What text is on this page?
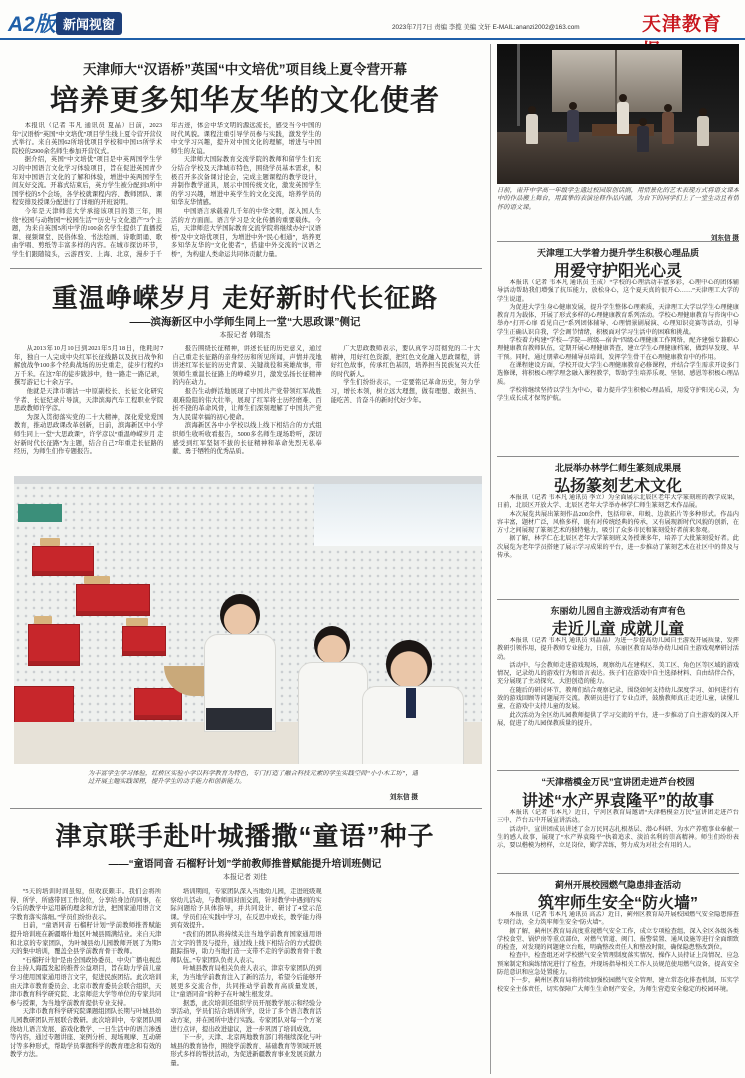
A2版 新闻视窗	2023年7月7日 责编 李揽 美编 文轩 E-MAIL:ananzi2002@163.com	天津教育
天津师大“汉语桥”英国“中文培优”项目线上夏令营开幕
培养更多知华友华的文化使者

本报讯（记者 韦凡 通讯员 夏晶）日前，2023年“汉语桥”英国“中文培优”项目学生线上夏令营开营仪式举行。来自英国62所培优项目学校和中国15所学术院校的2900余名师生参加开营仪式。

据介绍，英国“中文培优”项目是中英两国学生学习的中国语言文化学习体验项目，旨在促进英国青少年对中国语言文化的了解和体验，增进中英两国学生间友好交流。开幕式结束后，英方学生被分配到3所中国学校的5个会场，各学校就课程内容、教师团队、课程安排及授课分配进行了详细的开班说明。

今年是天津师范大学承接该项目的第三年，围绕“校园与动物园”“校园生活”“历史与文化遗产”3个主题，为来自英国5所中学的100余名学生提供了直播授课、视频课堂、民俗体验、书法绘画、诗歌朗诵、歌曲学唱、剪纸等丰富多样的内容。在城市探访环节，学生们跟随镜头，云游西安、上海、北京，漫步于千年古迹，体会中华文明的源远流长，感受当今中国的时代风貌。课程注重引导学员参与实践，激发学生的中文学习兴趣，提升对中国文化的理解，增进与中国师生的友谊。

天津师大国际教育交流学院的教师和留学生们充分结合学校及天津城市特色，围绕学员基本需求，积极召开多次备课讨论会，完成主题课程的教学设计，并制作教学道具，展示中国传统文化，激发英国学生的学习兴趣，增进中英学生的文化交流，培养学员的知华友华情感。

中国语言承载着几千年的中华文明，深入国人生活的方方面面。语言学习是文化传播的重要载体。今后，天津师范大学国际教育交流学院将继续办好“汉语桥”及中文培优项目，为增进中外“民心相通”，培养更多知华友华的“文化使者”，搭建中外交流的“汉语之桥”，为构建人类命运共同体贡献力量。

日前，南开中学高一年级学生通过校园原创话剧，用情景化的艺术表现方式将语文课本中的作品搬上舞台，用真挚的表演诠释作品内涵，为台下的同学们上了一堂生动且有情怀的语文课。
刘东信 摄
重温峥嵘岁月 走好新时代长征路
——滨海新区中小学师生同上一堂“大思政课”侧记
本报记者 韩瑞杰

从2013年10月10日到2021年5月18日，他耗时7年，独自一人完成中央红军长征线路以及抗日战争和解放战争100多个经典战场的历史重走，徒步行程约3万千米。在这7年的徒步跋涉中，他一路走一路记录，撰写游记七十余万字。

他就是天津市塘沽一中原副校长、长征文化研究学者、长征纪录片导演，天津滨海汽车工程职业学院思政教师许学彦。

为深入贯彻落实党的二十大精神，深化爱党爱国教育，推动思政课改革创新，日前，滨海新区中小学师生同上一堂“大思政课”，许学彦以“重温峥嵘岁月 走好新时代长征路”为主题，结合自己7年重走长征路的经历，为师生们作专题报告。

报告围绕长征精神，讲述长征的历史意义，通过自己重走长征路的亲身经历和所见所闻，声情并茂地讲述红军长征的历史背景、关键战役和英雄故事，带领师生重温长征路上的峥嵘岁月，激发弘扬长征精神的内在动力。

报告生动鲜活地展现了中国共产党带领红军战胜艰难险阻的伟大壮举，展现了红军将士历经磨难、百折不挠的革命风骨，让师生们深刻理解了中国共产党为人民谋幸福的初心使命。

滨海新区各中小学校以线上线下相结合的方式组织师生收听收看报告，5000多名师生现场聆听，深切感受到红军坚韧不拔的长征精神和革命先烈无私奉献、勇于牺牲的优秀品质。

广大思政教师表示，要认真学习贯彻党的二十大精神，用好红色资源，把红色文化融入思政课程，讲好红色故事，传承红色基因，培养担当民族复兴大任的时代新人。

学生们纷纷表示，一定要铭记革命历史，努力学习，增长本领，树立远大理想，做有理想、敢担当、能吃苦、肯奋斗的新时代好少年。

为丰富学生学习体验，红桥区实验小学以科学教育为特色，专门打造了融合科技元素的学生实践空间“小小木工坊”，通过开展主题实践课程，提升学生的动手能力和创新能力。
刘东信 摄
津京联手赴叶城播撒“童语”种子
——“童语同音 石榴籽计划”学前教师推普赋能提升培训班侧记
本报记者 刘佳

“5天的培训时间虽短，但收获颇丰。我们会将所得、所学、所感带回工作岗位，分享给身边的同事，在今后的教学中运用新的理念和方法，把国家通用语言文字教育落实落细。”学员们纷纷表示。

日前，“童语同音 石榴籽计划”学前教师推普赋能提升培训班在新疆喀什地区叶城县圆满结业。来自天津和北京的专家团队，为叶城县幼儿园教师开展了为期5天的集中培训，覆盖全县学前教育骨干教师。

“石榴籽计划”是由全国政协委员、中央广播电视总台主持人海霞发起的推普公益项目，旨在助力学前儿童学习使用国家通用语言文字，促进民族团结。此次培训由天津市教育委员会、北京市教育委员会联合组织，天津市教育科学研究院、北京师范大学等单位的专家共同参与授课，为当地学前教育提供专业支持。

天津市教育科学研究院课题组团队长期与叶城县幼儿园教研团队开展联合教研。此次培训中，专家团队围绕幼儿语言发展、游戏化教学、一日生活中的语言渗透等内容，通过专题讲座、案例分析、现场观摩、互动研讨等多种形式，帮助学员掌握科学的教育理念和有效的教学方法。

培训期间，专家团队深入当地幼儿园，走进班级观察幼儿活动，与教师面对面交流，针对教学中遇到的实际问题给予具体指导，并共同设计、研讨了4堂示范课。学员们在实践中学习，在反思中成长，教学能力得到有效提升。

“我们的团队将持续关注当地学前教育国家通用语言文字的普及与提升，通过线上线下相结合的方式提供跟踪指导，助力当地打造一支带不走的学前教育骨干教师队伍。”专家团队负责人表示。

叶城县教育局相关负责人表示，津京专家团队的到来，为当地学前教育注入了新的活力，希望今后能够开展更多交流合作，共同推动学前教育高质量发展，让“童语同音”的种子在叶城生根发芽。

据悉，此次培训还组织学员开展教学展示和经验分享活动，学员们结合培训所学，设计了多个语言教育活动方案，并在园所中进行实践。专家团队对每一个方案进行点评，提出改进建议，进一步巩固了培训成效。

下一步，天津、北京两地教育部门将继续深化与叶城县的教育协作，围绕学前教育、基础教育等领域开展形式多样的帮扶活动，为促进新疆教育事业发展贡献力量。

天津理工大学着力提升学生积极心理品质
用爱守护阳光心灵

本报讯（记者 韦本凡 通讯员 王成）“学校的心理活动丰富多彩，心理中心的团体辅导活动帮助我们增强了抗压能力，放松身心，这个夏天真的很开心……”天津理工大学的学生说道。

为促进大学生身心健康发展，提升学生整体心理素质，天津理工大学以学生心理健康教育月为载体，开展了形式多样的心理健康教育系列活动。学校心理健康教育与咨询中心举办“打开心扉 看见自己”系列团体辅导、心理情景剧展演、心理知识竞赛等活动，引导学生正确认识自我，学会调节情绪，积极面对学习生活中的困难和挑战。

学校着力构建“学校—学院—班级—宿舍”四级心理健康工作网络，配齐建强专兼职心理健康教育教师队伍，定期开展心理健康普查，建立学生心理健康档案，做到早发现、早干预。同时，通过朋辈心理辅导员培训，发挥学生骨干在心理健康教育中的作用。

在课程建设方面，学校开设大学生心理健康教育必修课程，并结合学生需求开设多门选修课，将积极心理学理念融入课程教学，帮助学生培养乐观、坚韧、感恩等积极心理品质。

学校将继续坚持以学生为中心，着力提升学生积极心理品质，用爱守护阳光心灵，为学生成长成才保驾护航。

北辰举办林学仁师生篆刻成果展
弘扬篆刻艺术文化

本报讯（记者 韦本凡 通讯员 李立）为全面展示北辰区老年大学篆刻班的教学成果，日前，北辰区开放大学、北辰区老年大学举办林学仁师生篆刻艺术作品展。

本次展览共展出篆刻作品200余件，包括印章、印蜕、边款拓片等多种形式。作品内容丰富，题材广泛，风格多样，既有对传统经典的传承，又有展现新时代风貌的创新，在方寸之间展现了篆刻艺术的独特魅力，吸引了众多市民和篆刻爱好者前来参观。

据了解，林学仁在北辰区老年大学篆刻班义务授课多年，培养了大批篆刻爱好者。此次展览为老年学员搭建了展示学习成果的平台，进一步推动了篆刻艺术在社区中的普及与传承。

东丽幼儿园自主游戏活动有声有色
走近儿童 成就儿童

本报讯（记者 韦本凡 通讯员 刘晶晶）为进一步提高幼儿园自主游戏开展质量，发挥教研引领作用，提升教师专业能力，日前，东丽区教育局举办幼儿园自主游戏观摩研讨活动。

活动中，与会教师走进游戏现场，观察幼儿在建构区、美工区、角色区等区域的游戏情况，记录幼儿的游戏行为和语言表达。孩子们在游戏中自主选择材料、自由结伴合作，充分展现了主动探究、大胆创造的能力。

在随后的研讨环节，教师们结合观察记录，围绕如何支持幼儿深度学习、如何进行有效的游戏回顾等问题展开交流。教研员进行了专业点评，鼓励教师真正走近儿童，读懂儿童，在游戏中支持儿童的发展。

此次活动为全区幼儿园教师提供了学习交流的平台，进一步推动了自主游戏的深入开展，促进了幼儿园保教质量的提升。

“天津楷模金万民”宣讲团走进芦台校园
讲述“水产界袁隆平”的故事

本报讯（记者 韦本凡）近日，宁河区教育局邀请“天津楷模金万民”宣讲团走进芦台三中、芦台五中开展宣讲活动。

活动中，宣讲团成员讲述了金万民同志扎根基层、潜心科研、为水产养殖事业奉献一生的感人故事，展现了“水产界袁隆平”执着追求、淡泊名利的崇高精神。师生们纷纷表示，要以楷模为榜样，立足岗位，勤学苦练，努力成为对社会有用的人。

蓟州开展校园燃气隐患排查活动
筑牢师生安全“防火墙”

本报讯（记者 韦本凡 通讯员 高孟）近日，蓟州区教育局开展校园燃气安全隐患排查专项行动，全力筑牢师生安全“防火墙”。

据了解，蓟州区教育局高度重视燃气安全工作，成立专项检查组，深入全区各级各类学校食堂、锅炉房等重点部位，对燃气管道、阀门、报警装置、通风设施等进行全面细致的检查，对发现的问题建立台账，明确整改责任人和整改时限，确保隐患整改到位。

检查中，检查组还对学校燃气安全管理制度落实情况、操作人员持证上岗情况、应急预案制定和演练情况进行了检查，并现场指导相关工作人员规范使用燃气设备，提高安全防范意识和应急处置能力。

下一步，蓟州区教育局将持续加强校园燃气安全管理，建立常态化排查机制，压实学校安全主体责任，切实保障广大师生生命财产安全，为师生营造安全稳定的校园环境。
